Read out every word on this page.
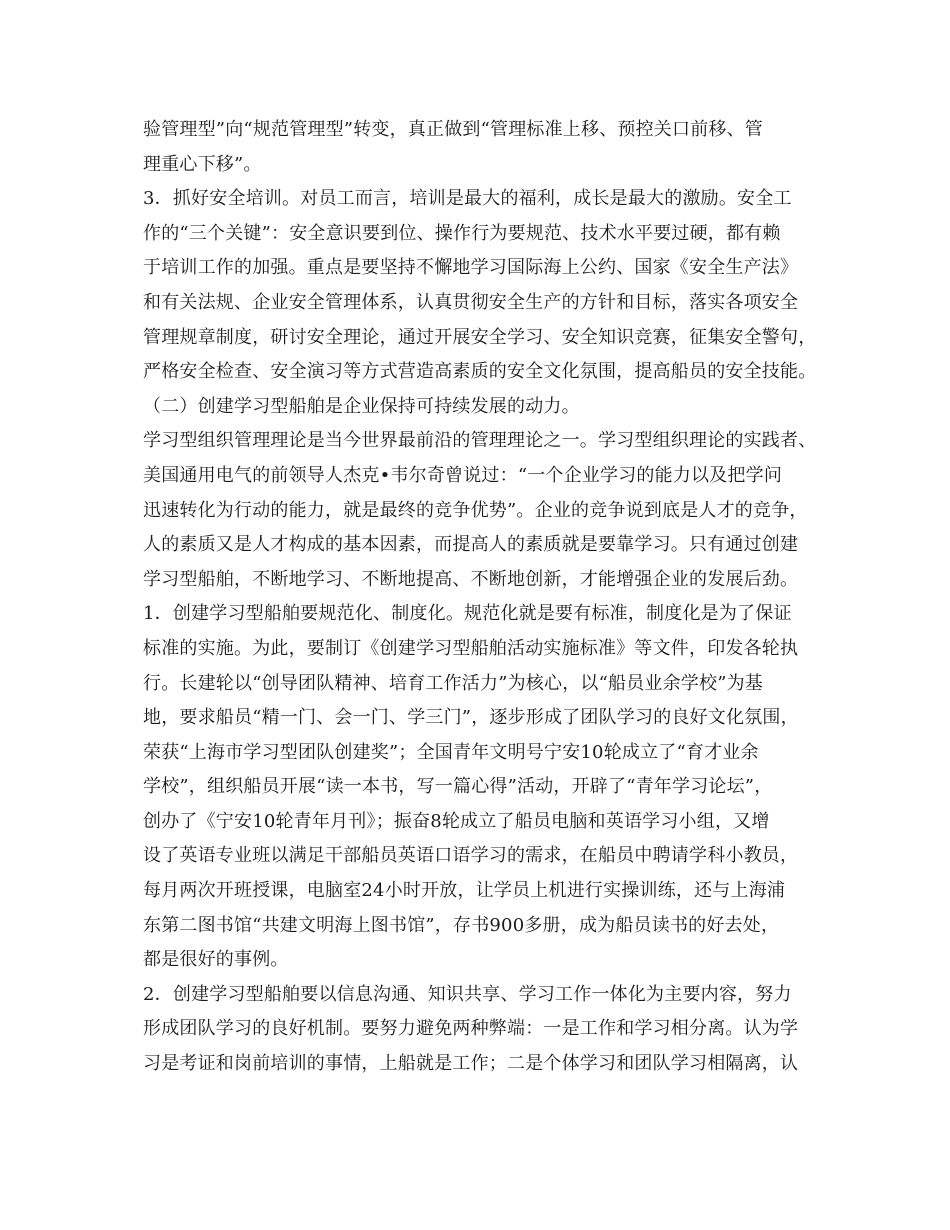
验管理型”向“规范管理型”转变，真正做到“管理标准上移、预控关口前移、管
理重心下移”。
3．抓好安全培训。对员工而言，培训是最大的福利，成长是最大的激励。安全工
作的“三个关键”：安全意识要到位、操作行为要规范、技术水平要过硬，都有赖
于培训工作的加强。重点是要坚持不懈地学习国际海上公约、国家《安全生产法》
和有关法规、企业安全管理体系，认真贯彻安全生产的方针和目标，落实各项安全
管理规章制度，研讨安全理论，通过开展安全学习、安全知识竞赛，征集安全警句，
严格安全检查、安全演习等方式营造高素质的安全文化氛围，提高船员的安全技能。
（二）创建学习型船舶是企业保持可持续发展的动力。
学习型组织管理理论是当今世界最前沿的管理理论之一。学习型组织理论的实践者、
美国通用电气的前领导人杰克•韦尔奇曾说过：“一个企业学习的能力以及把学问
迅速转化为行动的能力，就是最终的竞争优势”。企业的竞争说到底是人才的竞争，
人的素质又是人才构成的基本因素，而提高人的素质就是要靠学习。只有通过创建
学习型船舶，不断地学习、不断地提高、不断地创新，才能增强企业的发展后劲。
1．创建学习型船舶要规范化、制度化。规范化就是要有标准，制度化是为了保证
标准的实施。为此，要制订《创建学习型船舶活动实施标准》等文件，印发各轮执
行。长建轮以“创导团队精神、培育工作活力”为核心，以“船员业余学校”为基
地，要求船员“精一门、会一门、学三门”，逐步形成了团队学习的良好文化氛围，
荣获“上海市学习型团队创建奖”；全国青年文明号宁安10轮成立了“育才业余
学校”，组织船员开展“读一本书，写一篇心得”活动，开辟了“青年学习论坛”，
创办了《宁安10轮青年月刊》；振奋8轮成立了船员电脑和英语学习小组，又增
设了英语专业班以满足干部船员英语口语学习的需求，在船员中聘请学科小教员，
每月两次开班授课，电脑室24小时开放，让学员上机进行实操训练，还与上海浦
东第二图书馆“共建文明海上图书馆”，存书900多册，成为船员读书的好去处，
都是很好的事例。
2．创建学习型船舶要以信息沟通、知识共享、学习工作一体化为主要内容，努力
形成团队学习的良好机制。要努力避免两种弊端：一是工作和学习相分离。认为学
习是考证和岗前培训的事情，上船就是工作；二是个体学习和团队学习相隔离，认
